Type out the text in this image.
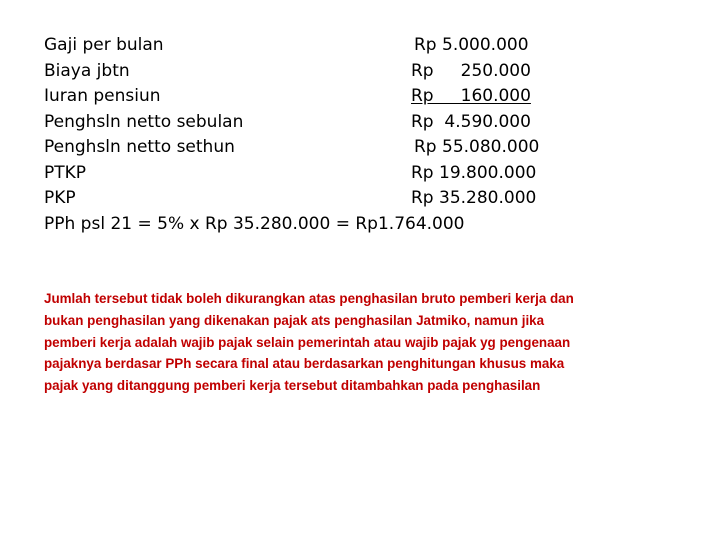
Gaji per bulan	Rp 5.000.000
Biaya jbtn	Rp     250.000
Iuran pensiun	Rp     160.000
Penghsln netto sebulan	Rp  4.590.000
Penghsln netto sethun	Rp 55.080.000
PTKP	Rp 19.800.000
PKP	Rp 35.280.000
PPh psl 21 = 5% x Rp 35.280.000 = Rp1.764.000
Jumlah tersebut tidak boleh dikurangkan atas penghasilan bruto pemberi kerja dan
bukan penghasilan yang dikenakan pajak ats penghasilan Jatmiko, namun jika
pemberi kerja adalah wajib pajak selain pemerintah atau wajib pajak yg pengenaan
pajaknya berdasar PPh secara final atau berdasarkan penghitungan khusus maka
pajak yang ditanggung pemberi kerja tersebut ditambahkan pada penghasilan
